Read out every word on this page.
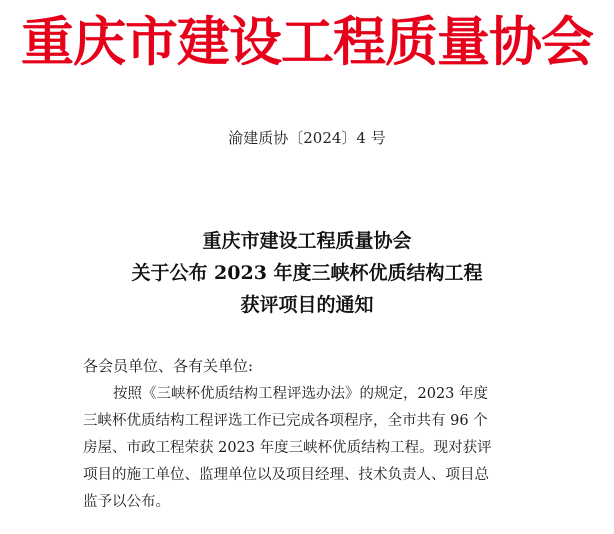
重庆市建设工程质量协会
渝建质协〔2024〕4 号
重庆市建设工程质量协会
关于公布 2023 年度三峡杯优质结构工程
获评项目的通知
各会员单位、各有关单位:
按照《三峡杯优质结构工程评选办法》的规定，2023 年度
三峡杯优质结构工程评选工作已完成各项程序，全市共有 96 个
房屋、市政工程荣获 2023 年度三峡杯优质结构工程。现对获评
项目的施工单位、监理单位以及项目经理、技术负责人、项目总
监予以公布。
